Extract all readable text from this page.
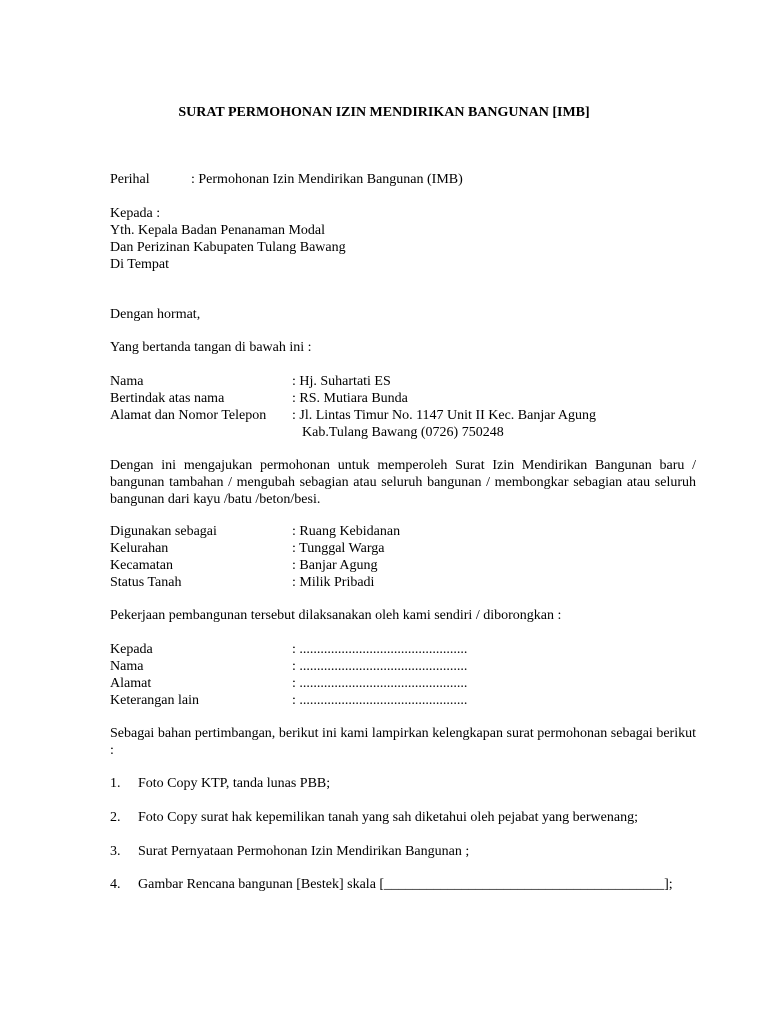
SURAT PERMOHONAN IZIN MENDIRIKAN BANGUNAN [IMB]
Perihal	: Permohonan Izin Mendirikan Bangunan (IMB)
Kepada :
Yth. Kepala Badan Penanaman Modal
Dan Perizinan Kabupaten Tulang Bawang
Di Tempat
Dengan hormat,
Yang bertanda tangan di bawah ini :
Nama	: Hj. Suhartati ES
Bertindak atas nama	: RS. Mutiara Bunda
Alamat dan Nomor Telepon : Jl. Lintas Timur No. 1147 Unit II Kec. Banjar Agung
Kab.Tulang Bawang (0726) 750248
Dengan ini mengajukan permohonan untuk memperoleh Surat Izin Mendirikan Bangunan baru / bangunan tambahan / mengubah sebagian atau seluruh bangunan / membongkar sebagian atau seluruh bangunan dari kayu /batu /beton/besi.
Digunakan sebagai	: Ruang Kebidanan
Kelurahan	: Tunggal Warga
Kecamatan	: Banjar Agung
Status Tanah	: Milik Pribadi
Pekerjaan pembangunan tersebut dilaksanakan oleh kami sendiri / diborongkan :
Kepada	: ................................................
Nama	: ................................................
Alamat	: ................................................
Keterangan lain	: ................................................
Sebagai bahan pertimbangan, berikut ini kami lampirkan kelengkapan surat permohonan sebagai berikut :
1. Foto Copy KTP, tanda lunas PBB;
2. Foto Copy surat hak kepemilikan tanah yang sah diketahui oleh pejabat yang berwenang;
3. Surat Pernyataan Permohonan Izin Mendirikan Bangunan ;
4. Gambar Rencana bangunan [Bestek] skala [________________________________________];
